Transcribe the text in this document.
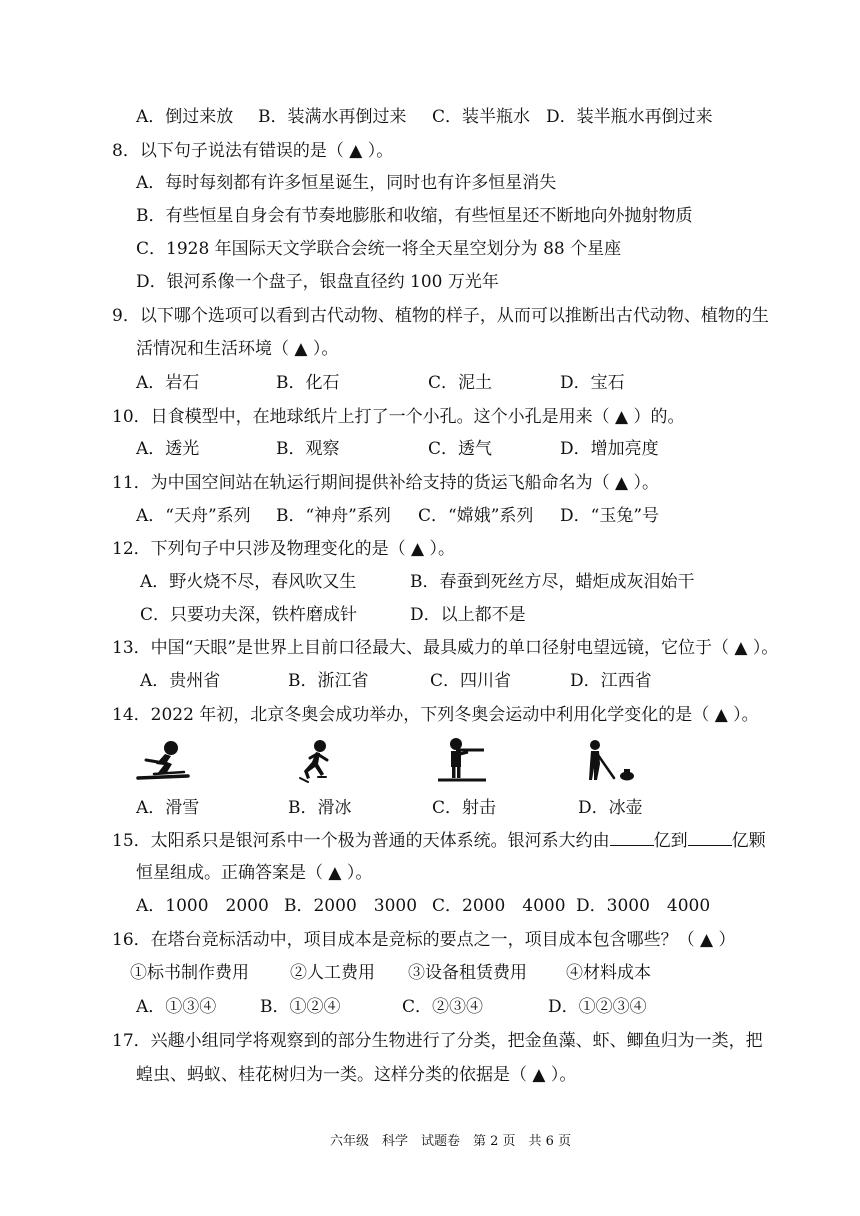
A．倒过来放 B．装满水再倒过来 C．装半瓶水 D．装半瓶水再倒过来
8．以下句子说法有错误的是（ ▲ ）。
A．每时每刻都有许多恒星诞生，同时也有许多恒星消失
B．有些恒星自身会有节奏地膨胀和收缩，有些恒星还不断地向外抛射物质
C．1928 年国际天文学联合会统一将全天星空划分为 88 个星座
D．银河系像一个盘子，银盘直径约 100 万光年
9．以下哪个选项可以看到古代动物、植物的样子，从而可以推断出古代动物、植物的生
活情况和生活环境（ ▲ ）。
A．岩石	B．化石	C．泥土	D．宝石
10．日食模型中，在地球纸片上打了一个小孔。这个小孔是用来（ ▲ ）的。
A．透光	B．观察	C．透气	D．增加亮度
11．为中国空间站在轨运行期间提供补给支持的货运飞船命名为（ ▲ ）。
A．“天舟”系列 B．“神舟”系列 C．“嫦娥”系列 D．“玉兔”号
12．下列句子中只涉及物理变化的是（ ▲ ）。
A．野火烧不尽，春风吹又生	B．春蚕到死丝方尽，蜡炬成灰泪始干
C．只要功夫深，铁杵磨成针	D．以上都不是
13．中国“天眼”是世界上目前口径最大、最具威力的单口径射电望远镜，它位于（ ▲ ）。
A．贵州省	B．浙江省	C．四川省	D．江西省
14．2022 年初，北京冬奥会成功举办，下列冬奥会运动中利用化学变化的是（ ▲ ）。
A．滑雪	B．滑冰	C．射击	D．冰壶
15．太阳系只是银河系中一个极为普通的天体系统。银河系大约由	亿到	亿颗
恒星组成。正确答案是（ ▲ ）。
A．1000　2000 B．2000　3000 C．2000　4000 D．3000　4000
16．在塔台竞标活动中，项目成本是竞标的要点之一，项目成本包含哪些？（ ▲ ）
①标书制作费用 ②人工费用 ③设备租赁费用 ④材料成本
A．①③④	B．①②④	C．②③④	D．①②③④
17．兴趣小组同学将观察到的部分生物进行了分类，把金鱼藻、虾、鲫鱼归为一类，把
蝗虫、蚂蚁、桂花树归为一类。这样分类的依据是（ ▲ ）。
六年级　科学　试题卷　第 2 页　共 6 页
